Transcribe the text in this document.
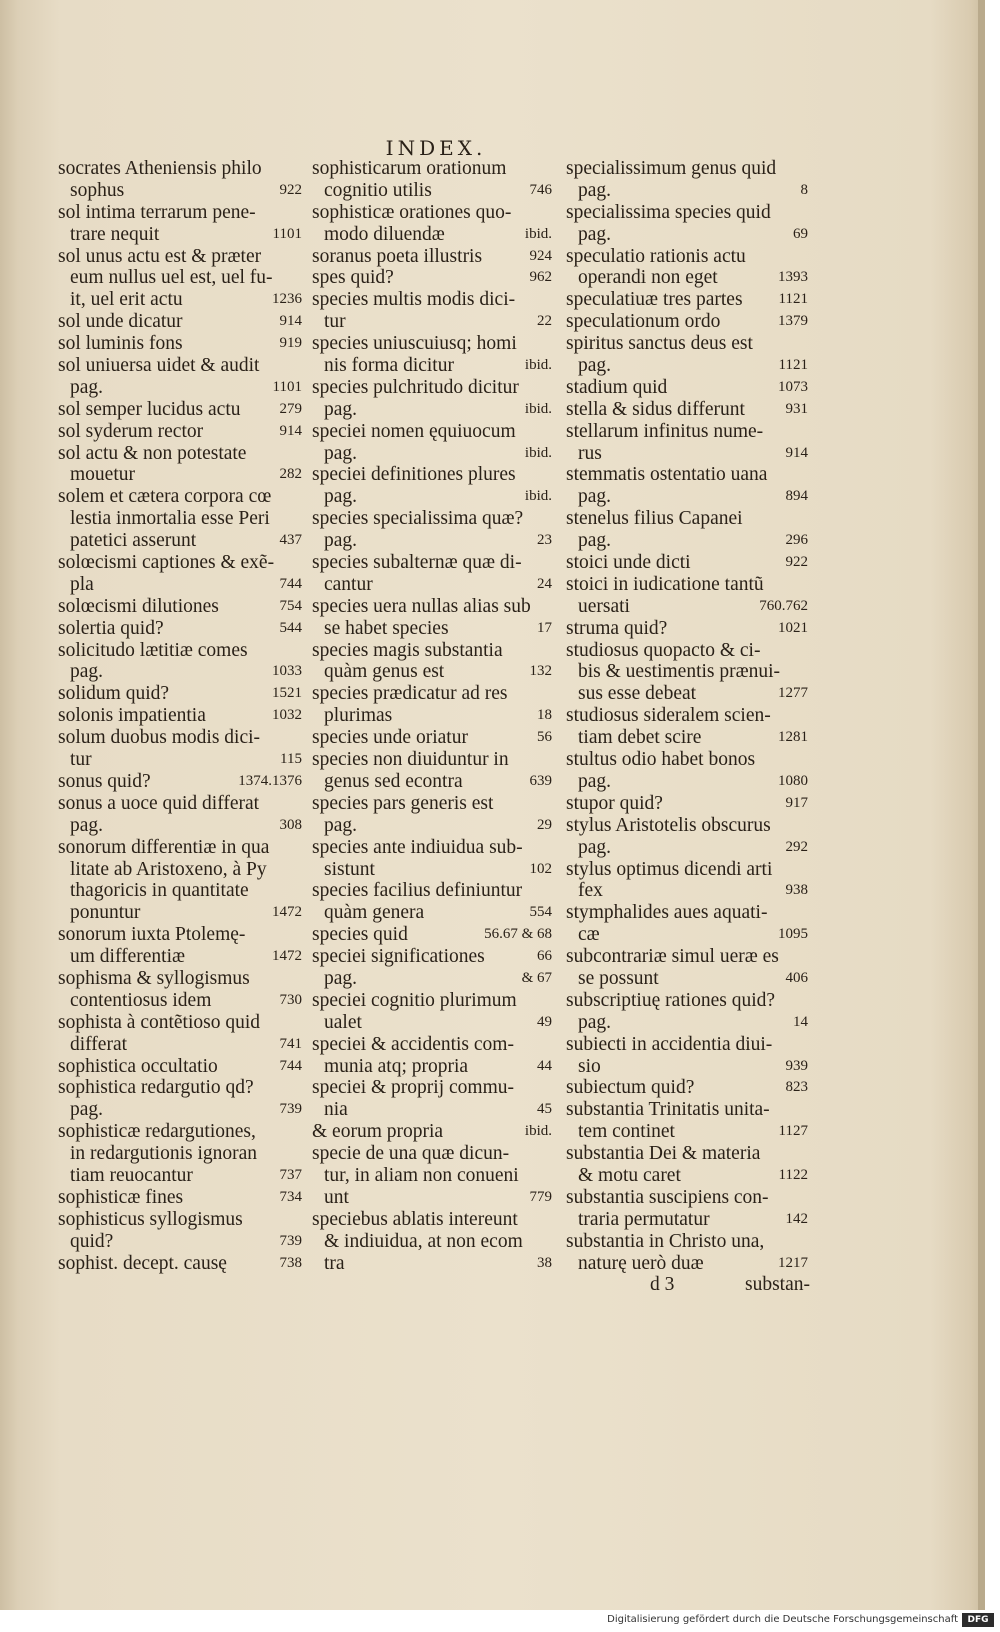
INDEX.
socrates Atheniensis philo
sophus	922
sol intima terrarum pene-
trare nequit	1101
sol unus actu est & præter
eum nullus uel est, uel fu-
it, uel erit actu	1236
sol unde dicatur	914
sol luminis fons	919
sol uniuersa uidet & audit
pag.	1101
sol semper lucidus actu	279
sol syderum rector	914
sol actu & non potestate
mouetur	282
solem et cætera corpora cœ
lestia inmortalia esse Peri
patetici asserunt	437
solœcismi captiones & exẽ-
pla	744
solœcismi dilutiones	754
solertia quid?	544
solicitudo lætitiæ comes
pag.	1033
solidum quid?	1521
solonis impatientia	1032
solum duobus modis dici-
tur	115
sonus quid?	1374.1376
sonus a uoce quid differat
pag.	308
sonorum differentiæ in qua
litate ab Aristoxeno, à Py
thagoricis in quantitate
ponuntur	1472
sonorum iuxta Ptolemę-
um differentiæ	1472
sophisma & syllogismus
contentiosus idem	730
sophista à contẽtioso quid
differat	741
sophistica occultatio	744
sophistica redargutio qd?
pag.	739
sophisticæ redargutiones,
in redargutionis ignoran
tiam reuocantur	737
sophisticæ fines	734
sophisticus syllogismus
quid?	739
sophist. decept. causę	738
sophisticarum orationum
cognitio utilis	746
sophisticæ orationes quo-
modo diluendæ	ibid.
soranus poeta illustris	924
spes quid?	962
species multis modis dici-
tur	22
species uniuscuiusq; homi
nis forma dicitur	ibid.
species pulchritudo dicitur
pag.	ibid.
speciei nomen ęquiuocum
pag.	ibid.
speciei definitiones plures
pag.	ibid.
species specialissima quæ?
pag.	23
species subalternæ quæ di-
cantur	24
species uera nullas alias sub
se habet species	17
species magis substantia
quàm genus est	132
species prædicatur ad res
plurimas	18
species unde oriatur	56
species non diuiduntur in
genus sed econtra	639
species pars generis est
pag.	29
species ante indiuidua sub-
sistunt	102
species facilius definiuntur
quàm genera	554
species quid	56.67 & 68
speciei significationes	66
pag.	& 67
speciei cognitio plurimum
ualet	49
speciei & accidentis com-
munia atq; propria	44
speciei & proprij commu-
nia	45
& eorum propria	ibid.
specie de una quæ dicun-
tur, in aliam non conueni
unt	779
speciebus ablatis intereunt
& indiuidua, at non ecom
tra	38
specialissimum genus quid
pag.	8
specialissima species quid
pag.	69
speculatio rationis actu
operandi non eget	1393
speculatiuæ tres partes	1121
speculationum ordo	1379
spiritus sanctus deus est
pag.	1121
stadium quid	1073
stella & sidus differunt	931
stellarum infinitus nume-
rus	914
stemmatis ostentatio uana
pag.	894
stenelus filius Capanei
pag.	296
stoici unde dicti	922
stoici in iudicatione tantũ
uersati	760.762
struma quid?	1021
studiosus quopacto & ci-
bis & uestimentis prænui-
sus esse debeat	1277
studiosus sideralem scien-
tiam debet scire	1281
stultus odio habet bonos
pag.	1080
stupor quid?	917
stylus Aristotelis obscurus
pag.	292
stylus optimus dicendi arti
fex	938
stymphalides aues aquati-
cæ	1095
subcontrariæ simul ueræ es
se possunt	406
subscriptiuę rationes quid?
pag.	14
subiecti in accidentia diui-
sio	939
subiectum quid?	823
substantia Trinitatis unita-
tem continet	1127
substantia Dei & materia
& motu caret	1122
substantia suscipiens con-
traria permutatur	142
substantia in Christo una,
naturę uerò duæ	1217
d 3	substan-
Digitalisierung gefördert durch die Deutsche Forschungsgemeinschaft	DFG
